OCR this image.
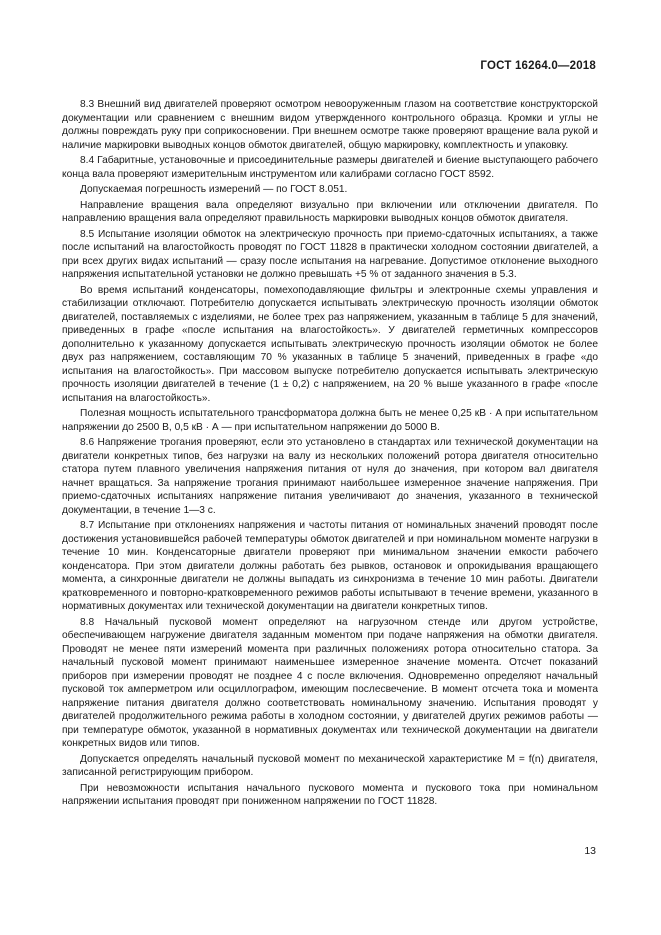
ГОСТ 16264.0—2018

8.3 Внешний вид двигателей проверяют осмотром невооруженным глазом на соответствие конструкторской документации или сравнением с внешним видом утвержденного контрольного образца. Кромки и углы не должны повреждать руку при соприкосновении. При внешнем осмотре также проверяют вращение вала рукой и наличие маркировки выводных концов обмоток двигателей, общую маркировку, комплектность и упаковку.

8.4 Габаритные, установочные и присоединительные размеры двигателей и биение выступающего рабочего конца вала проверяют измерительным инструментом или калибрами согласно ГОСТ 8592.

Допускаемая погрешность измерений — по ГОСТ 8.051.

Направление вращения вала определяют визуально при включении или отключении двигателя. По направлению вращения вала определяют правильность маркировки выводных концов обмоток двигателя.

8.5 Испытание изоляции обмоток на электрическую прочность при приемо-сдаточных испытаниях, а также после испытаний на влагостойкость проводят по ГОСТ 11828 в практически холодном состоянии двигателей, а при всех других видах испытаний — сразу после испытания на нагревание. Допустимое отклонение выходного напряжения испытательной установки не должно превышать +5 % от заданного значения в 5.3.

Во время испытаний конденсаторы, помехоподавляющие фильтры и электронные схемы управления и стабилизации отключают. Потребителю допускается испытывать электрическую прочность изоляции обмоток двигателей, поставляемых с изделиями, не более трех раз напряжением, указанным в таблице 5 для значений, приведенных в графе «после испытания на влагостойкость». У двигателей герметичных компрессоров дополнительно к указанному допускается испытывать электрическую прочность изоляции обмоток не более двух раз напряжением, составляющим 70 % указанных в таблице 5 значений, приведенных в графе «до испытания на влагостойкость». При массовом выпуске потребителю допускается испытывать электрическую прочность изоляции двигателей в течение (1 ± 0,2) с напряжением, на 20 % выше указанного в графе «после испытания на влагостойкость».

Полезная мощность испытательного трансформатора должна быть не менее 0,25 кВ · А при испытательном напряжении до 2500 В, 0,5 кВ · А — при испытательном напряжении до 5000 В.

8.6 Напряжение трогания проверяют, если это установлено в стандартах или технической документации на двигатели конкретных типов, без нагрузки на валу из нескольких положений ротора двигателя относительно статора путем плавного увеличения напряжения питания от нуля до значения, при котором вал двигателя начнет вращаться. За напряжение трогания принимают наибольшее измеренное значение напряжения. При приемо-сдаточных испытаниях напряжение питания увеличивают до значения, указанного в технической документации, в течение 1—3 с.

8.7 Испытание при отклонениях напряжения и частоты питания от номинальных значений проводят после достижения установившейся рабочей температуры обмоток двигателей и при номинальном моменте нагрузки в течение 10 мин. Конденсаторные двигатели проверяют при минимальном значении емкости рабочего конденсатора. При этом двигатели должны работать без рывков, остановок и опрокидывания вращающего момента, а синхронные двигатели не должны выпадать из синхронизма в течение 10 мин работы. Двигатели кратковременного и повторно-кратковременного режимов работы испытывают в течение времени, указанного в нормативных документах или технической документации на двигатели конкретных типов.

8.8 Начальный пусковой момент определяют на нагрузочном стенде или другом устройстве, обеспечивающем нагружение двигателя заданным моментом при подаче напряжения на обмотки двигателя. Проводят не менее пяти измерений момента при различных положениях ротора относительно статора. За начальный пусковой момент принимают наименьшее измеренное значение момента. Отсчет показаний приборов при измерении проводят не позднее 4 с после включения. Одновременно определяют начальный пусковой ток амперметром или осциллографом, имеющим послесвечение. В момент отсчета тока и момента напряжение питания двигателя должно соответствовать номинальному значению. Испытания проводят у двигателей продолжительного режима работы в холодном состоянии, у двигателей других режимов работы — при температуре обмоток, указанной в нормативных документах или технической документации на двигатели конкретных видов или типов.

Допускается определять начальный пусковой момент по механической характеристике M = f(n) двигателя, записанной регистрирующим прибором.

При невозможности испытания начального пускового момента и пускового тока при номинальном напряжении испытания проводят при пониженном напряжении по ГОСТ 11828.

13
